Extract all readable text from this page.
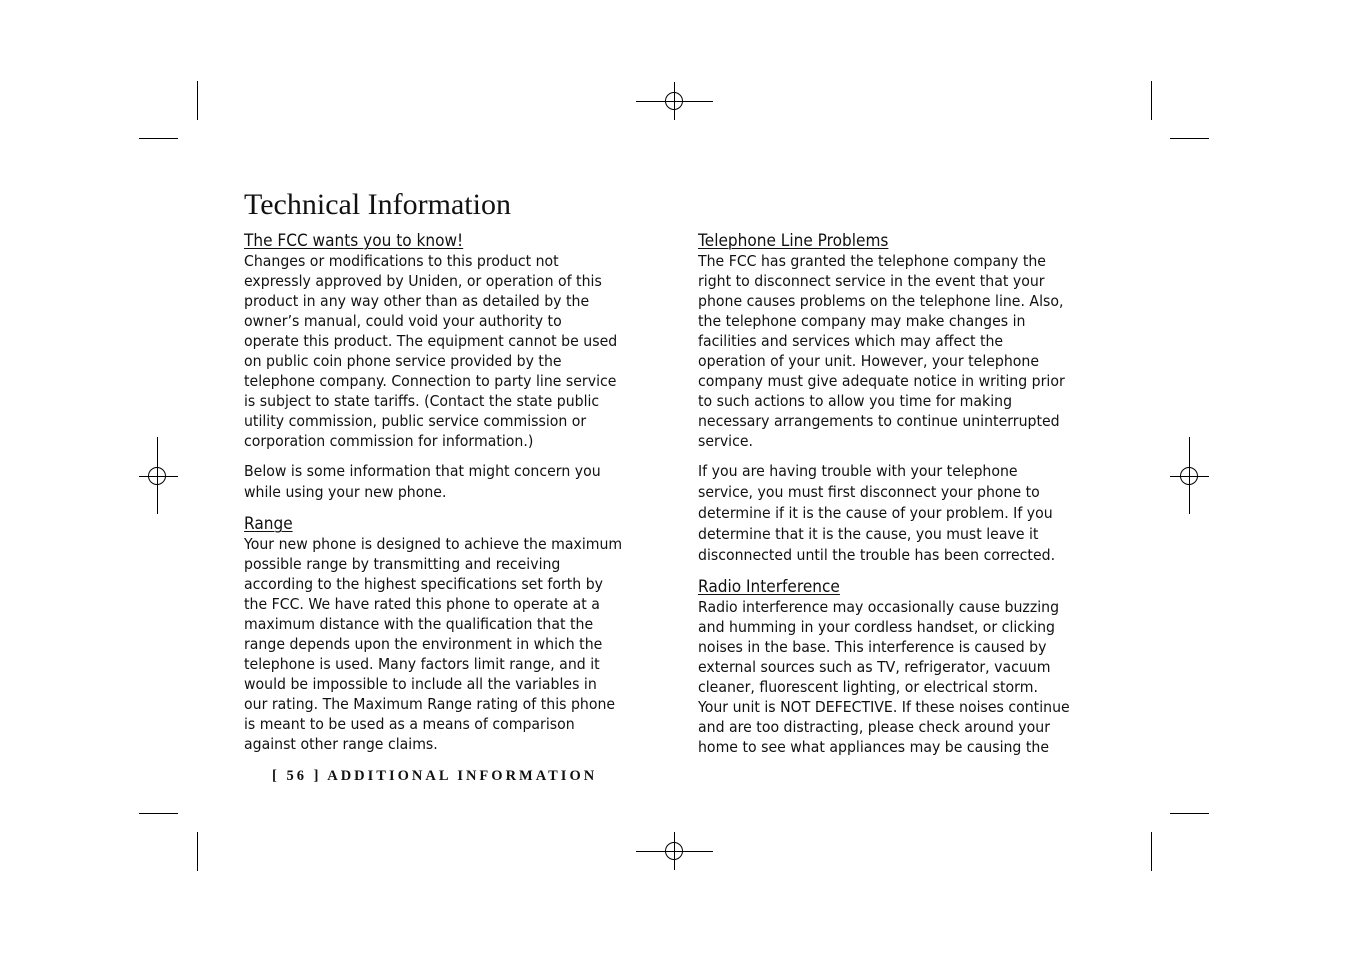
Technical Information
The FCC wants you to know!

Changes or modifications to this product not
expressly approved by Uniden, or operation of this
product in any way other than as detailed by the
owner’s manual, could void your authority to
operate this product. The equipment cannot be used
on public coin phone service provided by the
telephone company. Connection to party line service
is subject to state tariffs. (Contact the state public
utility commission, public service commission or
corporation commission for information.)

Below is some information that might concern you
while using your new phone.

Range

Your new phone is designed to achieve the maximum
possible range by transmitting and receiving
according to the highest specifications set forth by
the FCC. We have rated this phone to operate at a
maximum distance with the qualification that the
range depends upon the environment in which the
telephone is used. Many factors limit range, and it
would be impossible to include all the variables in
our rating. The Maximum Range rating of this phone
is meant to be used as a means of comparison
against other range claims.

Telephone Line Problems

The FCC has granted the telephone company the
right to disconnect service in the event that your
phone causes problems on the telephone line. Also,
the telephone company may make changes in
facilities and services which may affect the
operation of your unit. However, your telephone
company must give adequate notice in writing prior
to such actions to allow you time for making
necessary arrangements to continue uninterrupted
service.

If you are having trouble with your telephone
service, you must first disconnect your phone to
determine if it is the cause of your problem. If you
determine that it is the cause, you must leave it
disconnected until the trouble has been corrected.

Radio Interference

Radio interference may occasionally cause buzzing
and humming in your cordless handset, or clicking
noises in the base. This interference is caused by
external sources such as TV, refrigerator, vacuum
cleaner, fluorescent lighting, or electrical storm.
Your unit is NOT DEFECTIVE. If these noises continue
and are too distracting, please check around your
home to see what appliances may be causing the

[ 56 ] ADDITIONAL INFORMATION
